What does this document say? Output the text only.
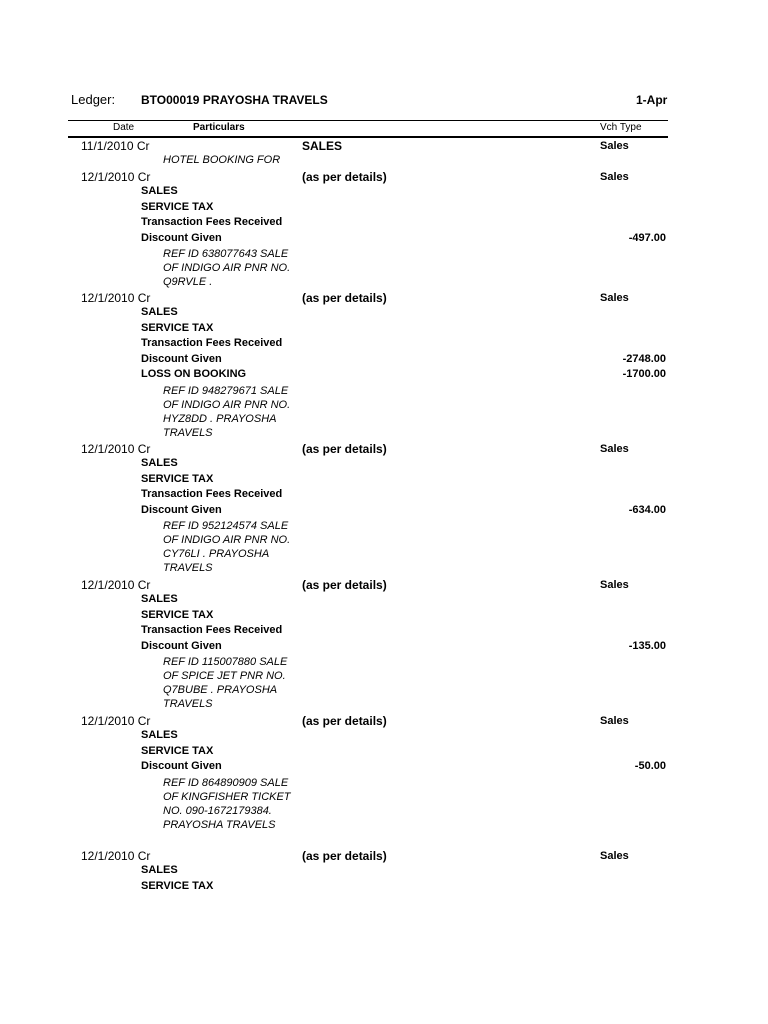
Ledger: BTO00019 PRAYOSHA TRAVELS	1-Apr
Date	Particulars	Vch Type
11/1/2010 Cr	SALES	Sales
HOTEL BOOKING FOR
12/1/2010 Cr	(as per details)	Sales
SALES
SERVICE TAX
Transaction Fees Received
Discount Given	-497.00
REF ID 638077643 SALE
OF INDIGO AIR PNR NO.
Q9RVLE .
12/1/2010 Cr	(as per details)	Sales
SALES
SERVICE TAX
Transaction Fees Received
Discount Given	-2748.00
LOSS ON BOOKING	-1700.00
REF ID 948279671 SALE
OF INDIGO AIR PNR NO.
HYZ8DD . PRAYOSHA
TRAVELS
12/1/2010 Cr	(as per details)	Sales
SALES
SERVICE TAX
Transaction Fees Received
Discount Given	-634.00
REF ID 952124574 SALE
OF INDIGO AIR PNR NO.
CY76LI . PRAYOSHA
TRAVELS
12/1/2010 Cr	(as per details)	Sales
SALES
SERVICE TAX
Transaction Fees Received
Discount Given	-135.00
REF ID 115007880 SALE
OF SPICE JET PNR NO.
Q7BUBE . PRAYOSHA
TRAVELS
12/1/2010 Cr	(as per details)	Sales
SALES
SERVICE TAX
Discount Given	-50.00
REF ID 864890909 SALE
OF KINGFISHER TICKET
NO. 090-1672179384.
PRAYOSHA TRAVELS
12/1/2010 Cr	(as per details)	Sales
SALES
SERVICE TAX
